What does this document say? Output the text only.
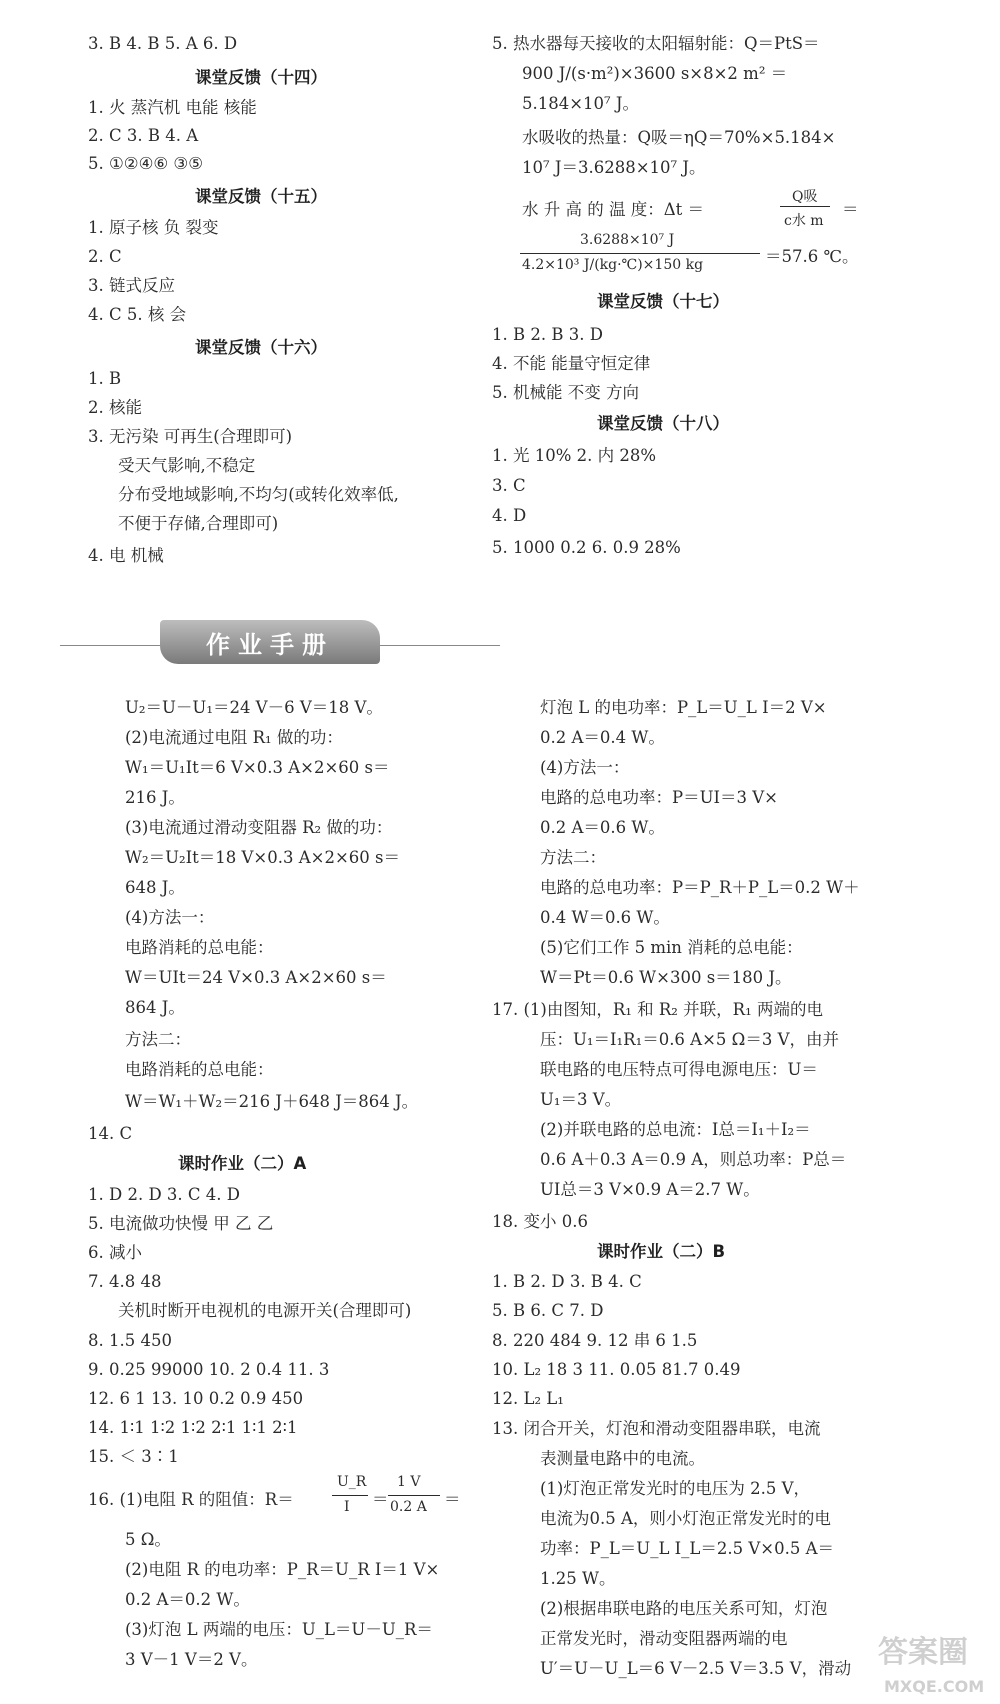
3. B 4. B 5. A 6. D
课堂反馈（十四）
1. 火 蒸汽机 电能 核能
2. C 3. B 4. A
5. ①②④⑥ ③⑤
课堂反馈（十五）
1. 原子核 负 裂变
2. C
3. 链式反应
4. C 5. 核 会
课堂反馈（十六）
1. B
2. 核能
3. 无污染 可再生(合理即可)
受天气影响,不稳定
分布受地域影响,不均匀(或转化效率低,
不便于存储,合理即可)
4. 电 机械
5. 热水器每天接收的太阳辐射能：Q＝PtS＝
900 J/(s·m²)×3600 s×8×2 m² ＝
5.184×10⁷ J。
水吸收的热量：Q吸＝ηQ＝70%×5.184×
10⁷ J＝3.6288×10⁷ J。
水 升 高 的 温 度：Δt ＝
Q吸
c水 m
＝
3.6288×10⁷ J
4.2×10³ J/(kg·℃)×150 kg	＝57.6 ℃。
课堂反馈（十七）
1. B 2. B 3. D
4. 不能 能量守恒定律
5. 机械能 不变 方向
课堂反馈（十八）
1. 光 10% 2. 内 28%
3. C
4. D
5. 1000 0.2 6. 0.9 28%
作业手册
U₂＝U－U₁＝24 V－6 V＝18 V。
(2)电流通过电阻 R₁ 做的功：
W₁＝U₁It＝6 V×0.3 A×2×60 s＝
216 J。
(3)电流通过滑动变阻器 R₂ 做的功：
W₂＝U₂It＝18 V×0.3 A×2×60 s＝
648 J。
(4)方法一：
电路消耗的总电能：
W＝UIt＝24 V×0.3 A×2×60 s＝
864 J。
方法二：
电路消耗的总电能：
W＝W₁＋W₂＝216 J＋648 J＝864 J。
14. C
课时作业（二）A
1. D 2. D 3. C 4. D
5. 电流做功快慢 甲 乙 乙
6. 减小
7. 4.8 48
关机时断开电视机的电源开关(合理即可)
8. 1.5 450
9. 0.25 99000 10. 2 0.4 11. 3
12. 6 1 13. 10 0.2 0.9 450
14. 1∶1 1∶2 1∶2 2∶1 1∶1 2∶1
15. ＜ 3∶1
16. (1)电阻 R 的阻值：R＝
U_R
I ＝
1 V
0.2 A ＝
5 Ω。
(2)电阻 R 的电功率：P_R＝U_R I＝1 V×
0.2 A＝0.2 W。
(3)灯泡 L 两端的电压：U_L＝U－U_R＝
3 V－1 V＝2 V。
灯泡 L 的电功率：P_L＝U_L I＝2 V×
0.2 A＝0.4 W。
(4)方法一：
电路的总电功率：P＝UI＝3 V×
0.2 A＝0.6 W。
方法二：
电路的总电功率：P＝P_R＋P_L＝0.2 W＋
0.4 W＝0.6 W。
(5)它们工作 5 min 消耗的总电能：
W＝Pt＝0.6 W×300 s＝180 J。
17. (1)由图知，R₁ 和 R₂ 并联，R₁ 两端的电
压：U₁＝I₁R₁＝0.6 A×5 Ω＝3 V，由并
联电路的电压特点可得电源电压：U＝
U₁＝3 V。
(2)并联电路的总电流：I总＝I₁＋I₂＝
0.6 A＋0.3 A＝0.9 A，则总功率：P总＝
UI总＝3 V×0.9 A＝2.7 W。
18. 变小 0.6
课时作业（二）B
1. B 2. D 3. B 4. C
5. B 6. C 7. D
8. 220 484 9. 12 串 6 1.5
10. L₂ 18 3 11. 0.05 81.7 0.49
12. L₂ L₁
13. 闭合开关，灯泡和滑动变阻器串联，电流
表测量电路中的电流。
(1)灯泡正常发光时的电压为 2.5 V，
电流为0.5 A，则小灯泡正常发光时的电
功率：P_L＝U_L I_L＝2.5 V×0.5 A＝
1.25 W。
(2)根据串联电路的电压关系可知，灯泡
正常发光时，滑动变阻器两端的电
U′＝U－U_L＝6 V－2.5 V＝3.5 V，滑动 答案圈
MXQE.COM
